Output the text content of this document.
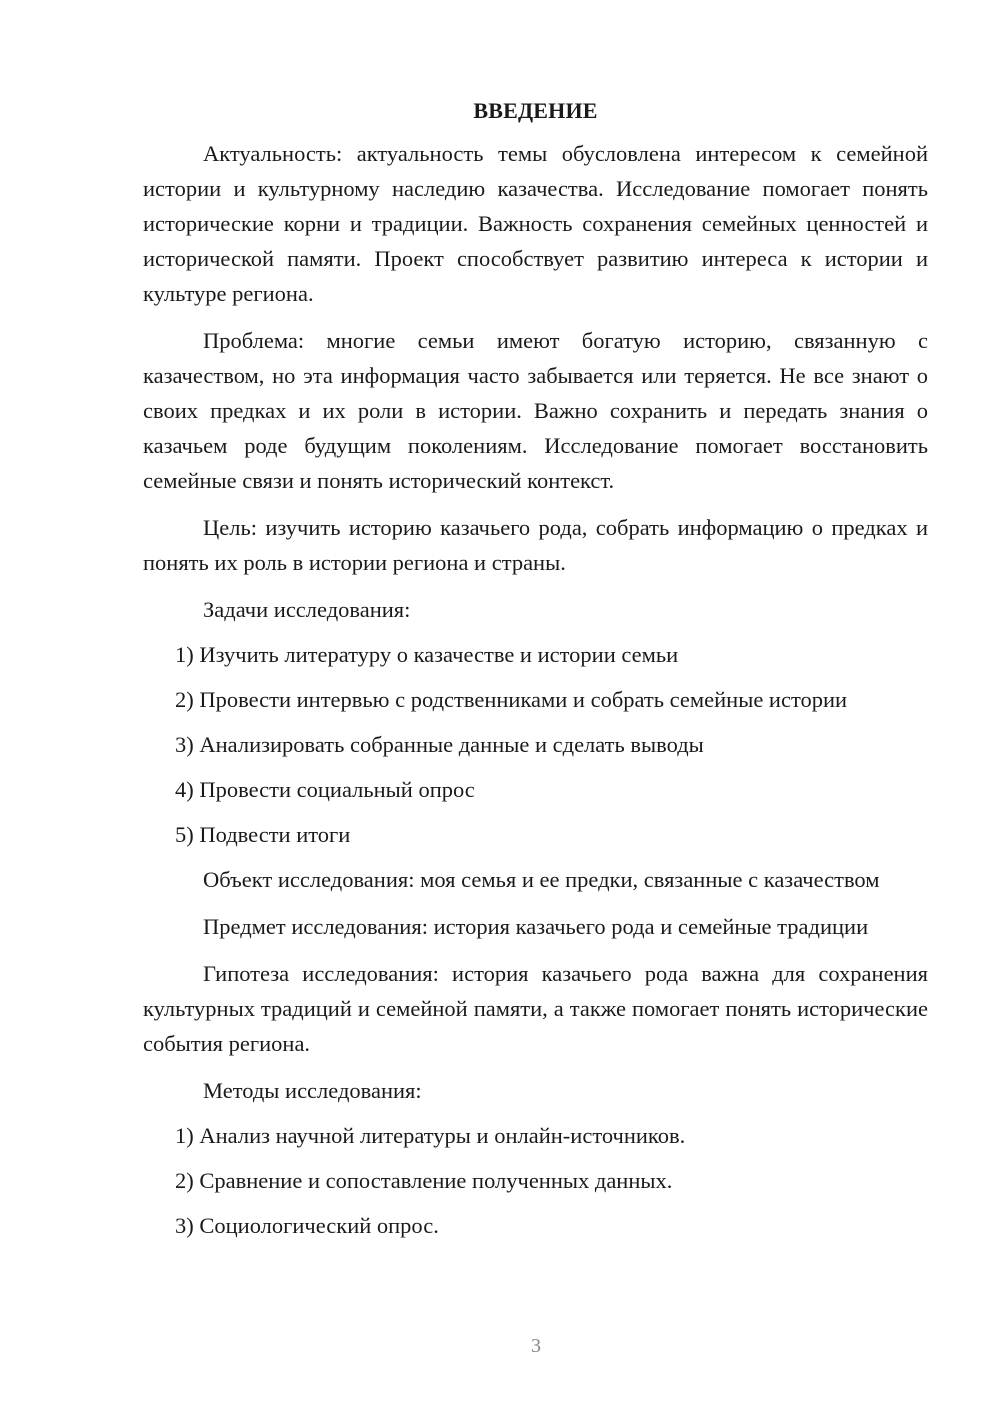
ВВЕДЕНИЕ

Актуальность: актуальность темы обусловлена интересом к семейной истории и культурному наследию казачества. Исследование помогает понять исторические корни и традиции. Важность сохранения семейных ценностей и исторической памяти. Проект способствует развитию интереса к истории и культуре региона.

Проблема: многие семьи имеют богатую историю, связанную с казачеством, но эта информация часто забывается или теряется. Не все знают о своих предках и их роли в истории. Важно сохранить и передать знания о казачьем роде будущим поколениям. Исследование помогает восстановить семейные связи и понять исторический контекст.

Цель: изучить историю казачьего рода, собрать информацию о предках и понять их роль в истории региона и страны.

Задачи исследования:

1) Изучить литературу о казачестве и истории семьи
2) Провести интервью с родственниками и собрать семейные истории
3) Анализировать собранные данные и сделать выводы
4) Провести социальный опрос
5) Подвести итоги

Объект исследования: моя семья и ее предки, связанные с казачеством

Предмет исследования: история казачьего рода и семейные традиции

Гипотеза исследования: история казачьего рода важна для сохранения культурных традиций и семейной памяти, а также помогает понять исторические события региона.

Методы исследования:

1) Анализ научной литературы и онлайн-источников.
2) Сравнение и сопоставление полученных данных.
3) Социологический опрос.
3
